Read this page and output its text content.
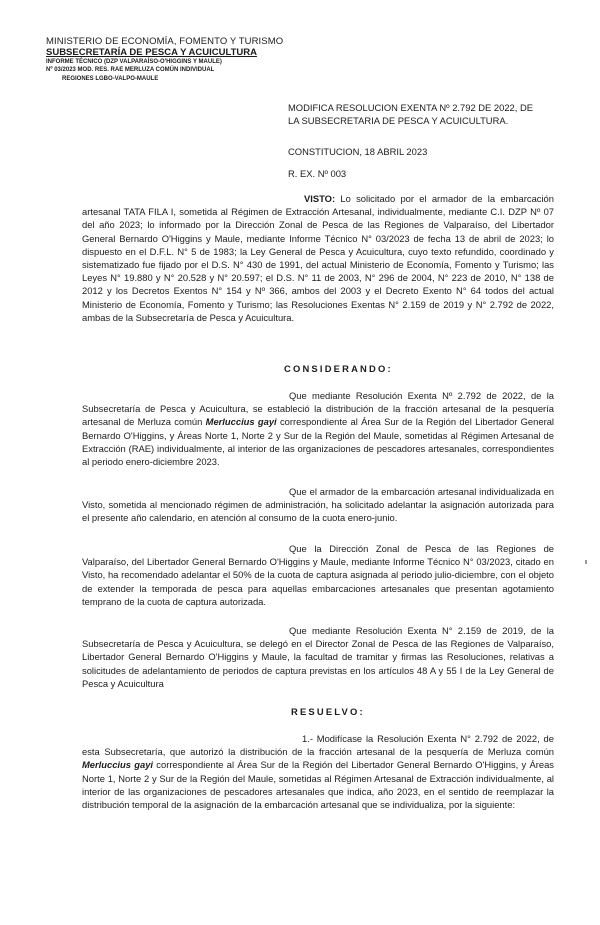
MINISTERIO DE ECONOMÍA, FOMENTO Y TURISMO
SUBSECRETARÍA DE PESCA Y ACUICULTURA
INFORME TÉCNICO (DZP VALPARAÍSO-O'HIGGINS Y MAULE)
Nº 03/2023 MOD. RES. RAE MERLUZA COMÚN INDIVIDUAL
REGIONES LGBO-VALPO-MAULE
MODIFICA RESOLUCION EXENTA Nº 2.792 DE 2022, DE
LA SUBSECRETARIA DE PESCA Y ACUICULTURA.
CONSTITUCION, 18 ABRIL 2023
R. EX. Nº 003
VISTO: Lo solicitado por el armador de la embarcación artesanal TATA FILA I, sometida al Régimen de Extracción Artesanal, individualmente, mediante C.I. DZP Nº 07 del año 2023; lo informado por la Dirección Zonal de Pesca de las Regiones de Valparaíso, del Libertador General Bernardo O'Higgins y Maule, mediante Informe Técnico N° 03/2023 de fecha 13 de abril de 2023; lo dispuesto en el D.F.L. N° 5 de 1983; la Ley General de Pesca y Acuicultura, cuyo texto refundido, coordinado y sistematizado fue fijado por el D.S. N° 430 de 1991, del actual Ministerio de Economía, Fomento y Turismo; las Leyes N° 19.880 y N° 20.528 y N° 20.597; el D.S. N° 11 de 2003, N° 296 de 2004, N° 223 de 2010, N° 138 de 2012 y los Decretos Exentos N° 154 y Nº 366, ambos del 2003 y el Decreto Exento N° 64 todos del actual Ministerio de Economía, Fomento y Turismo; las Resoluciones Exentas N° 2.159 de 2019 y N° 2.792 de 2022, ambas de la Subsecretaría de Pesca y Acuicultura.
CONSIDERANDO:
Que mediante Resolución Exenta Nº 2.792 de 2022, de la Subsecretaría de Pesca y Acuicultura, se estableció la distribución de la fracción artesanal de la pesquería artesanal de Merluza común Merluccius gayi correspondiente al Área Sur de la Región del Libertador General Bernardo O'Higgins, y Áreas Norte 1, Norte 2 y Sur de la Región del Maule, sometidas al Régimen Artesanal de Extracción (RAE) individualmente, al interior de las organizaciones de pescadores artesanales, correspondientes al periodo enero-diciembre 2023.
Que el armador de la embarcación artesanal individualizada en Visto, sometida al mencionado régimen de administración, ha solicitado adelantar la asignación autorizada para el presente año calendario, en atención al consumo de la cuota enero-junio.
Que la Dirección Zonal de Pesca de las Regiones de Valparaíso, del Libertador General Bernardo O'Higgins y Maule, mediante Informe Técnico N° 03/2023, citado en Visto, ha recomendado adelantar el 50% de la cuota de captura asignada al periodo julio-diciembre, con el objeto de extender la temporada de pesca para aquellas embarcaciones artesanales que presentan agotamiento temprano de la cuota de captura autorizada.
Que mediante Resolución Exenta N° 2.159 de 2019, de la Subsecretaría de Pesca y Acuicultura, se delegó en el Director Zonal de Pesca de las Regiones de Valparaíso, Libertador General Bernardo O'Higgins y Maule, la facultad de tramitar y firmas las Resoluciones, relativas a solicitudes de adelantamiento de periodos de captura previstas en los artículos 48 A y 55 I de la Ley General de Pesca y Acuicultura
RESUELVO:
1.- Modifícase la Resolución Exenta N° 2.792 de 2022, de esta Subsecretaría, que autorizó la distribución de la fracción artesanal de la pesquería de Merluza común Merluccius gayi correspondiente al Área Sur de la Región del Libertador General Bernardo O'Higgins, y Áreas Norte 1, Norte 2 y Sur de la Región del Maule, sometidas al Régimen Artesanal de Extracción individualmente, al interior de las organizaciones de pescadores artesanales que indica, año 2023, en el sentido de reemplazar la distribución temporal de la asignación de la embarcación artesanal que se individualiza, por la siguiente:
